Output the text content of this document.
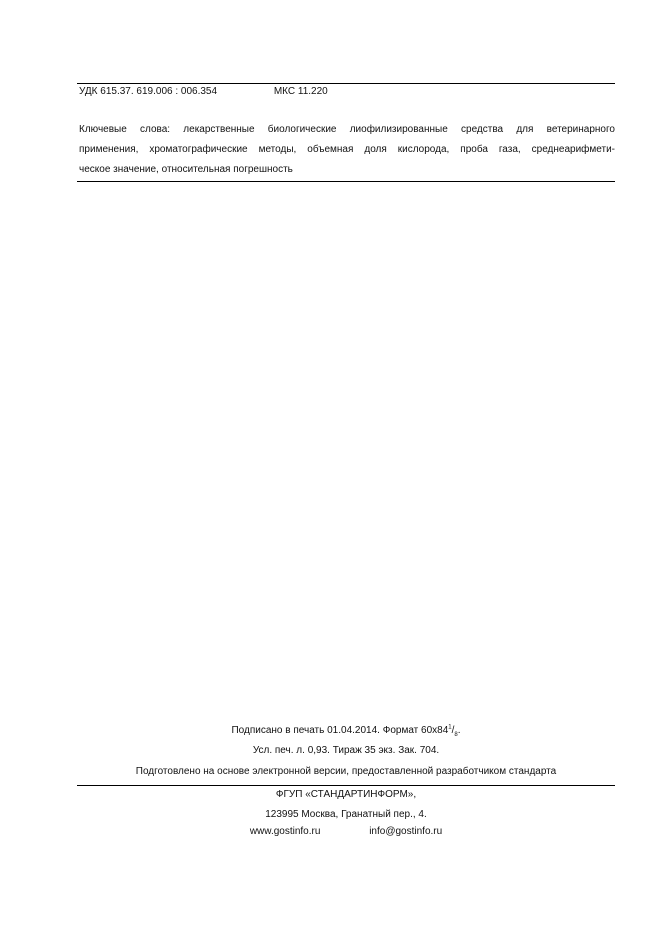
УДК 615.37. 619.006 : 006.354	МКС 11.220
Ключевые слова: лекарственные биологические лиофилизированные средства для ветеринарного
применения, хроматографические методы, объемная доля кислорода, проба газа, среднеарифмети-
ческое значение, относительная погрешность
Подписано в печать 01.04.2014. Формат $60x84^1/_8$.
Усл. печ. л. 0,93. Тираж 35 экз. Зак. 704.
Подготовлено на основе электронной версии, предоставленной разработчиком стандарта
ФГУП «СТАНДАРТИНФОРМ»,
123995 Москва, Гранатный пер., 4.
www.gostinfo.ru	info@gostinfo.ru
